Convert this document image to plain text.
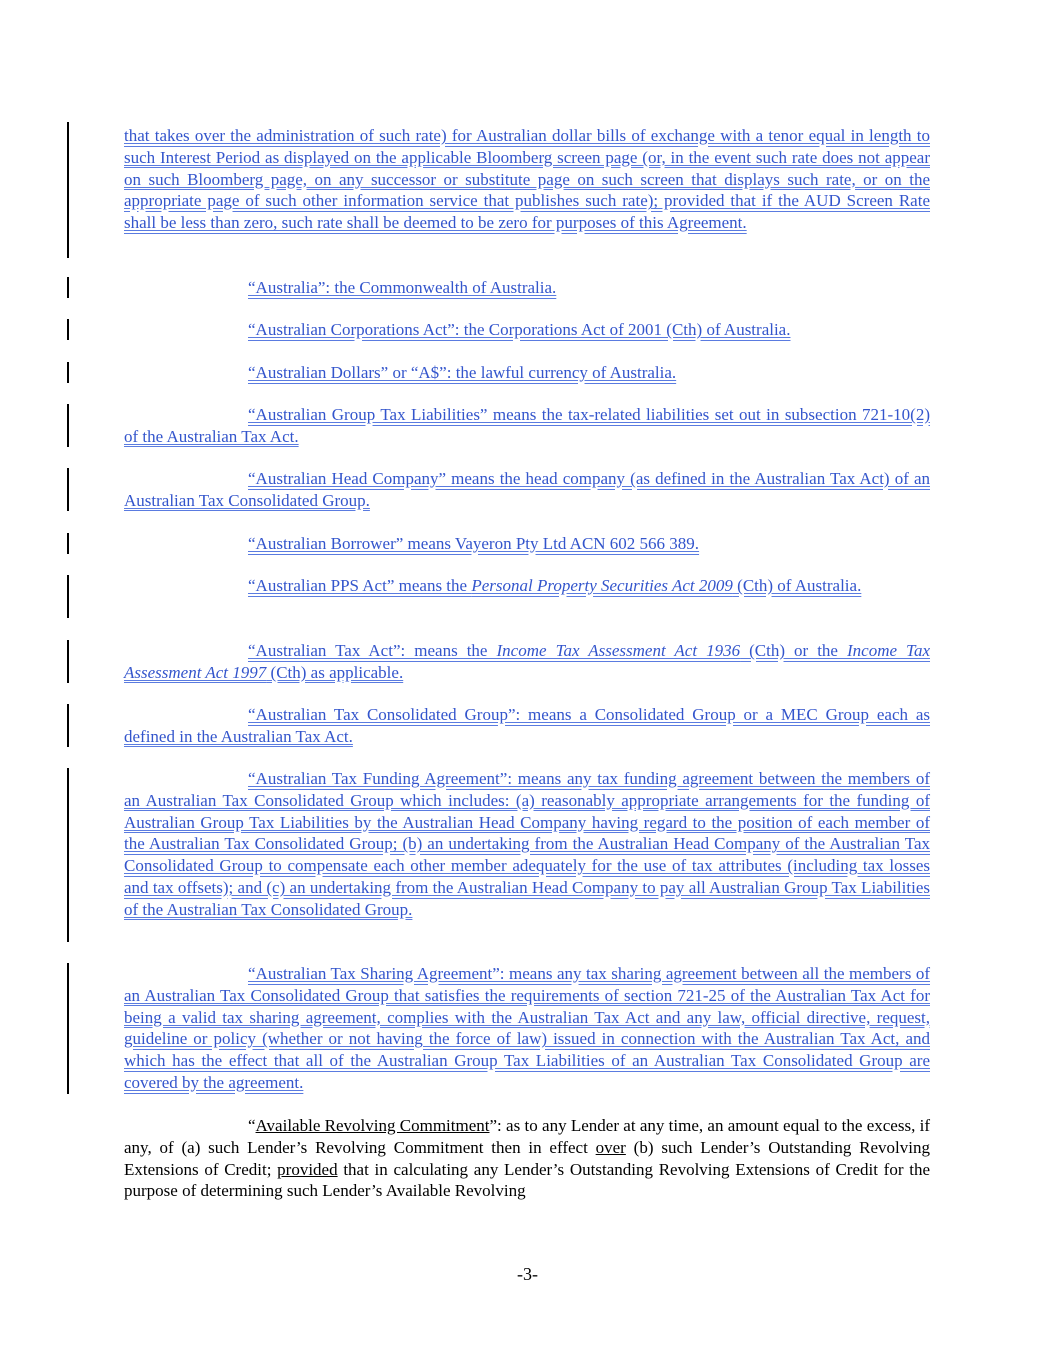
that takes over the administration of such rate) for Australian dollar bills of exchange with a tenor equal in length to such Interest Period as displayed on the applicable Bloomberg screen page (or, in the event such rate does not appear on such Bloomberg page, on any successor or substitute page on such screen that displays such rate, or on the appropriate page of such other information service that publishes such rate); provided that if the AUD Screen Rate shall be less than zero, such rate shall be deemed to be zero for purposes of this Agreement.

“Australia”: the Commonwealth of Australia.

“Australian Corporations Act”: the Corporations Act of 2001 (Cth) of Australia.

“Australian Dollars” or “A$”: the lawful currency of Australia.

“Australian Group Tax Liabilities” means the tax-related liabilities set out in subsection 721-10(2) of the Australian Tax Act.

“Australian Head Company” means the head company (as defined in the Australian Tax Act) of an Australian Tax Consolidated Group.

“Australian Borrower” means Vayeron Pty Ltd ACN 602 566 389.

“Australian PPS Act” means the Personal Property Securities Act 2009 (Cth) of Australia.

“Australian Tax Act”: means the Income Tax Assessment Act 1936 (Cth) or the Income Tax Assessment Act 1997 (Cth) as applicable.

“Australian Tax Consolidated Group”: means a Consolidated Group or a MEC Group each as defined in the Australian Tax Act.

“Australian Tax Funding Agreement”: means any tax funding agreement between the members of an Australian Tax Consolidated Group which includes: (a) reasonably appropriate arrangements for the funding of Australian Group Tax Liabilities by the Australian Head Company having regard to the position of each member of the Australian Tax Consolidated Group; (b) an undertaking from the Australian Head Company of the Australian Tax Consolidated Group to compensate each other member adequately for the use of tax attributes (including tax losses and tax offsets); and (c) an undertaking from the Australian Head Company to pay all Australian Group Tax Liabilities of the Australian Tax Consolidated Group.

“Australian Tax Sharing Agreement”: means any tax sharing agreement between all the members of an Australian Tax Consolidated Group that satisfies the requirements of section 721-25 of the Australian Tax Act for being a valid tax sharing agreement, complies with the Australian Tax Act and any law, official directive, request, guideline or policy (whether or not having the force of law) issued in connection with the Australian Tax Act, and which has the effect that all of the Australian Group Tax Liabilities of an Australian Tax Consolidated Group are covered by the agreement.

“Available Revolving Commitment”: as to any Lender at any time, an amount equal to the excess, if any, of (a) such Lender’s Revolving Commitment then in effect over (b) such Lender’s Outstanding Revolving Extensions of Credit; provided that in calculating any Lender’s Outstanding Revolving Extensions of Credit for the purpose of determining such Lender’s Available Revolving

-3-
